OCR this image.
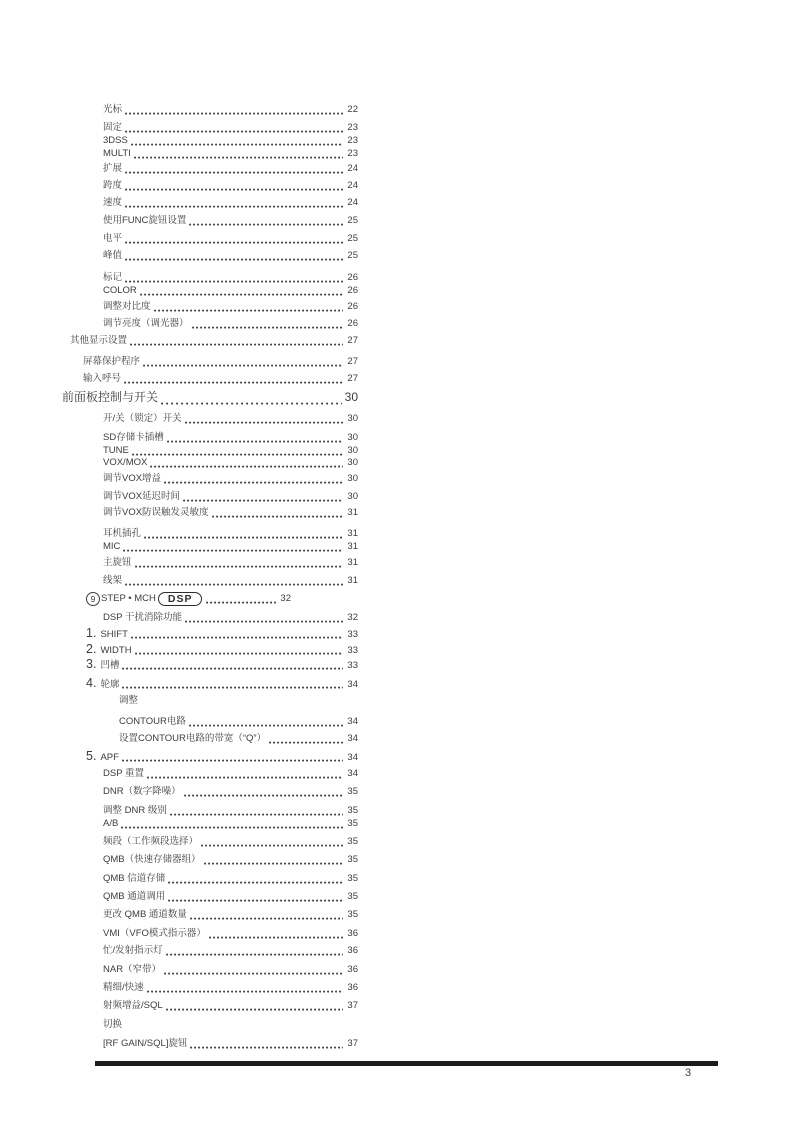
光标	22
固定	23
3DSS	23
MULTI	23
扩展	24
跨度	24
速度	24
使用FUNC旋钮设置	25
电平	25
峰值	25
标记	26
COLOR	26
调整对比度	26
调节亮度（调光器）	26
其他显示设置	27
屏幕保护程序	27
输入呼号	27
前面板控制与开关	30
开/关（锁定）开关	30
SD存储卡插槽	30
TUNE	30
VOX/MOX	30
调节VOX增益	30
调节VOX延迟时间	30
调节VOX防误触发灵敏度	31
耳机插孔	31
MIC	31
主旋钮	31
线架	31
9 STEP • MCH	DSP	32
DSP 干扰消除功能	32
1. SHIFT	33
2. WIDTH	33
3. 凹槽	33
4. 轮廓	34
调整
CONTOUR电路	34
设置CONTOUR电路的带宽（“Q”）	34
5. APF	34
DSP 重置	34
DNR（数字降噪）	35
调整 DNR 级别	35
A/B	35
频段（工作频段选择）	35
QMB（快速存储器组）	35
QMB 信道存储	35
QMB 通道调用	35
更改 QMB 通道数量	35
VMI（VFO模式指示器）	36
忙/发射指示灯	36
NAR（窄带）	36
精细/快速	36
射频增益/SQL	37
切换
[RF GAIN/SQL]旋钮	37
3
